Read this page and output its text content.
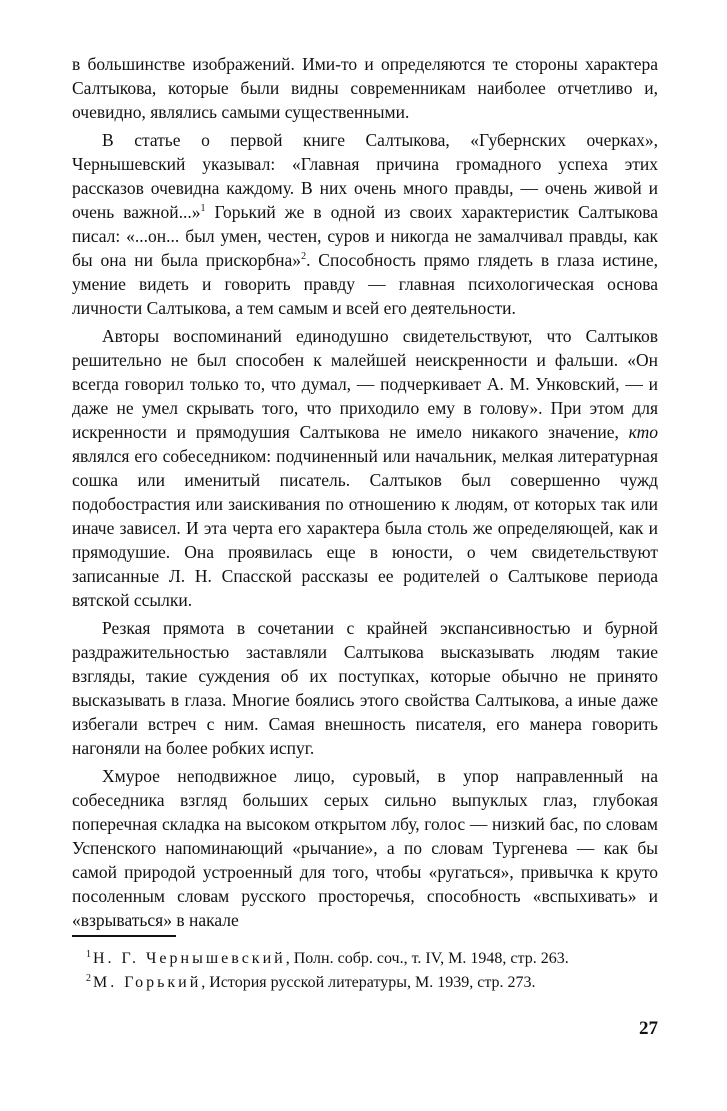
в большинстве изображений. Ими-то и определяются те стороны характера Салтыкова, которые были видны современникам наиболее отчетливо и, очевидно, являлись самыми существенными.

В статье о первой книге Салтыкова, «Губернских очерках», Чернышевский указывал: «Главная причина громадного успеха этих рассказов очевидна каждому. В них очень много правды, — очень живой и очень важной...»$^1$ Горький же в одной из своих характеристик Салтыкова писал: «...он... был умен, честен, суров и никогда не замалчивал правды, как бы она ни была прискорбна»$^2$. Способность прямо глядеть в глаза истине, умение видеть и говорить правду — главная психологическая основа личности Салтыкова, а тем самым и всей его деятельности.

Авторы воспоминаний единодушно свидетельствуют, что Салтыков решительно не был способен к малейшей неискренности и фальши. «Он всегда говорил только то, что думал, — подчеркивает А. М. Унковский, — и даже не умел скрывать того, что приходило ему в голову». При этом для искренности и прямодушия Салтыкова не имело никакого значение, кто являлся его собеседником: подчиненный или начальник, мелкая литературная сошка или именитый писатель. Салтыков был совершенно чужд подобострастия или заискивания по отношению к людям, от которых так или иначе зависел. И эта черта его характера была столь же определяющей, как и прямодушие. Она проявилась еще в юности, о чем свидетельствуют записанные Л. Н. Спасской рассказы ее родителей о Салтыкове периода вятской ссылки.

Резкая прямота в сочетании с крайней экспансивностью и бурной раздражительностью заставляли Салтыкова высказывать людям такие взгляды, такие суждения об их поступках, которые обычно не принято высказывать в глаза. Многие боялись этого свойства Салтыкова, а иные даже избегали встреч с ним. Самая внешность писателя, его манера говорить нагоняли на более робких испуг.

Хмурое неподвижное лицо, суровый, в упор направленный на собеседника взгляд больших серых сильно выпуклых глаз, глубокая поперечная складка на высоком открытом лбу, голос — низкий бас, по словам Успенского напоминающий «рычание», а по словам Тургенева — как бы самой природой устроенный для того, чтобы «ругаться», привычка к круто посоленным словам русского просторечья, способность «вспыхивать» и «взрываться» в накале

$^1$ Н. Г. Чернышевский, Полн. собр. соч., т. IV, М. 1948, стр. 263.

$^2$ М. Горький, История русской литературы, М. 1939, стр. 273.

27
